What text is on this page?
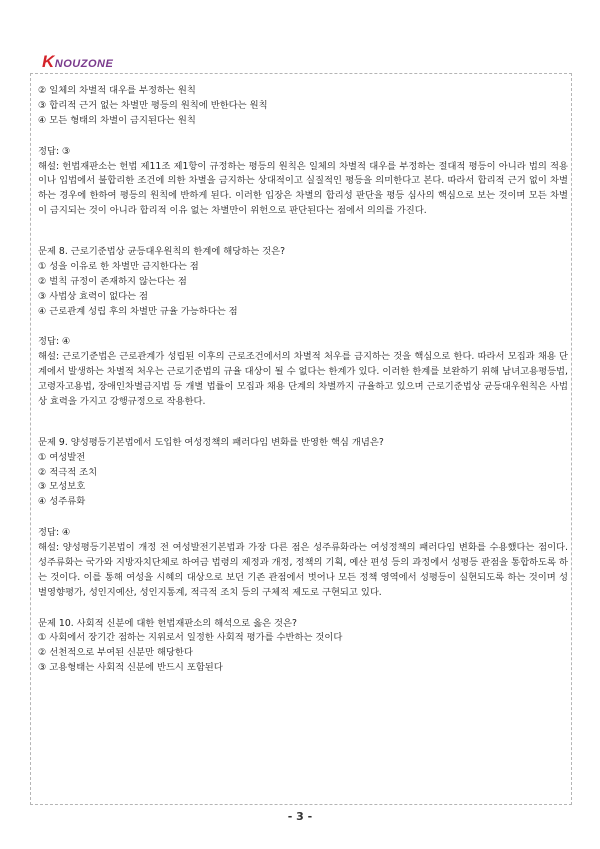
K NOUZONE
② 일체의 차별적 대우를 부정하는 원칙
③ 합리적 근거 없는 차별만 평등의 원칙에 반한다는 원칙
④ 모든 형태의 차별이 금지된다는 원칙
정답: ③
해설: 헌법재판소는 헌법 제11조 제1항이 규정하는 평등의 원칙은 일체의 차별적 대우를 부정하는 절대적 평등이 아니라 법의 적용이나 입법에서 불합리한 조건에 의한 차별을 금지하는 상대적이고 실질적인 평등을 의미한다고 본다. 따라서 합리적 근거 없이 차별하는 경우에 한하여 평등의 원칙에 반하게 된다. 이러한 입장은 차별의 합리성 판단을 평등 심사의 핵심으로 보는 것이며 모든 차별이 금지되는 것이 아니라 합리적 이유 없는 차별만이 위헌으로 판단된다는 점에서 의의를 가진다.
문제 8. 근로기준법상 균등대우원칙의 한계에 해당하는 것은?
① 성을 이유로 한 차별만 금지한다는 점
② 벌칙 규정이 존재하지 않는다는 점
③ 사법상 효력이 없다는 점
④ 근로관계 성립 후의 차별만 규율 가능하다는 점
정답: ④
해설: 근로기준법은 근로관계가 성립된 이후의 근로조건에서의 차별적 처우를 금지하는 것을 핵심으로 한다. 따라서 모집과 채용 단계에서 발생하는 차별적 처우는 근로기준법의 규율 대상이 될 수 없다는 한계가 있다. 이러한 한계를 보완하기 위해 남녀고용평등법, 고령자고용법, 장애인차별금지법 등 개별 법률이 모집과 채용 단계의 차별까지 규율하고 있으며 근로기준법상 균등대우원칙은 사법상 효력을 가지고 강행규정으로 작용한다.
문제 9. 양성평등기본법에서 도입한 여성정책의 패러다임 변화를 반영한 핵심 개념은?
① 여성발전
② 적극적 조치
③ 모성보호
④ 성주류화
정답: ④
해설: 양성평등기본법이 개정 전 여성발전기본법과 가장 다른 점은 성주류화라는 여성정책의 패러다임 변화를 수용했다는 점이다. 성주류화는 국가와 지방자치단체로 하여금 법령의 제정과 개정, 정책의 기획, 예산 편성 등의 과정에서 성평등 관점을 통합하도록 하는 것이다. 이를 통해 여성을 시혜의 대상으로 보던 기존 관점에서 벗어나 모든 정책 영역에서 성평등이 실현되도록 하는 것이며 성별영향평가, 성인지예산, 성인지통계, 적극적 조치 등의 구체적 제도로 구현되고 있다.
문제 10. 사회적 신분에 대한 헌법재판소의 해석으로 옳은 것은?
① 사회에서 장기간 점하는 지위로서 일정한 사회적 평가를 수반하는 것이다
② 선천적으로 부여된 신분만 해당한다
③ 고용형태는 사회적 신분에 반드시 포함된다
- 3 -
